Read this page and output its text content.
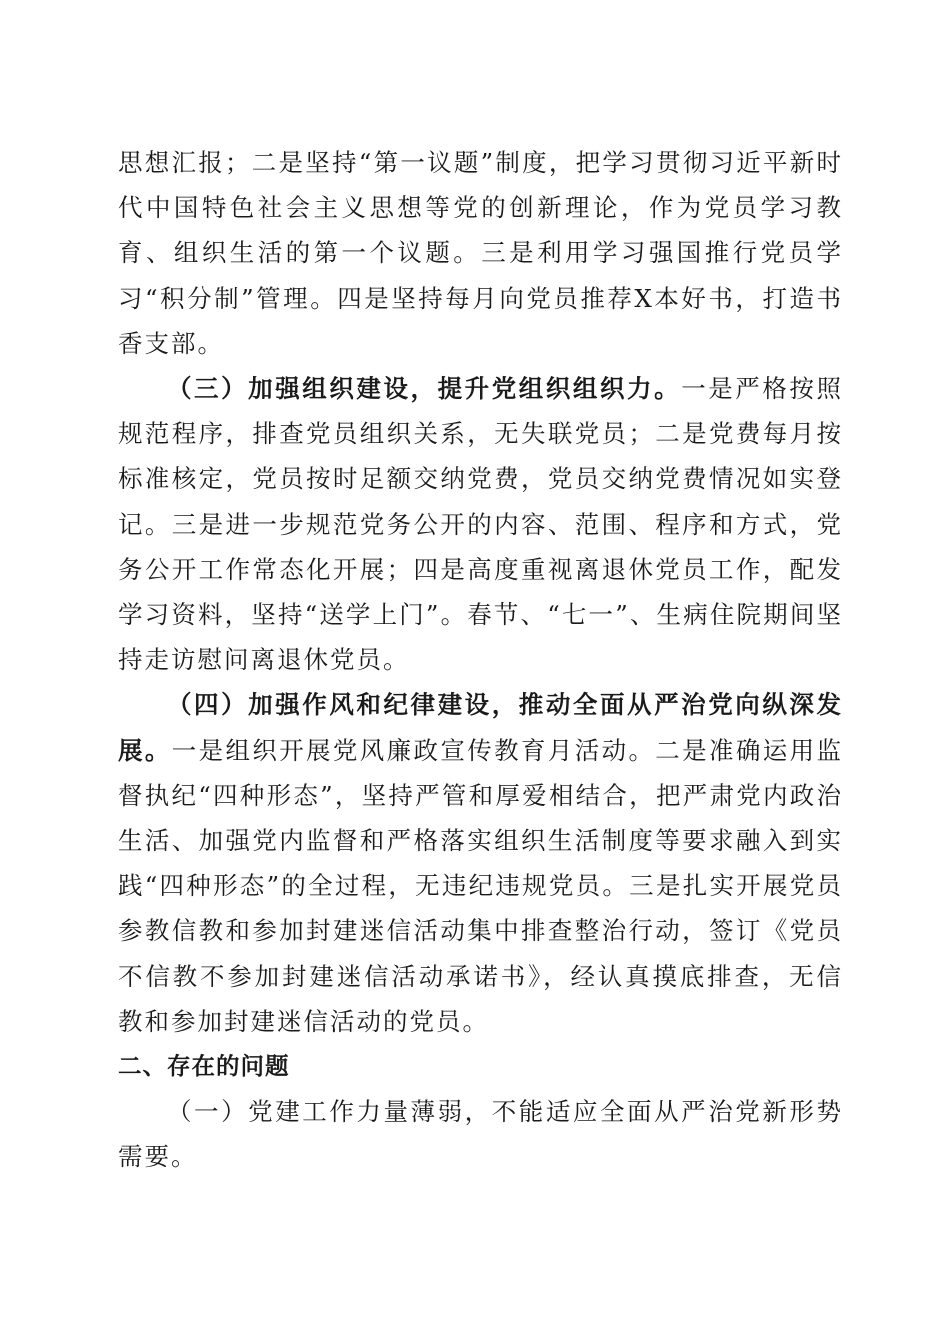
思想汇报；二是坚持“第一议题”制度，把学习贯彻习近平新时代中国特色社会主义思想等党的创新理论，作为党员学习教育、组织生活的第一个议题。三是利用学习强国推行党员学习“积分制”管理。四是坚持每月向党员推荐X本好书，打造书香支部。

（三）加强组织建设，提升党组织组织力。一是严格按照规范程序，排查党员组织关系，无失联党员；二是党费每月按标准核定，党员按时足额交纳党费，党员交纳党费情况如实登记。三是进一步规范党务公开的内容、范围、程序和方式，党务公开工作常态化开展；四是高度重视离退休党员工作，配发学习资料，坚持“送学上门”。春节、“七一”、生病住院期间坚持走访慰问离退休党员。

（四）加强作风和纪律建设，推动全面从严治党向纵深发展。一是组织开展党风廉政宣传教育月活动。二是准确运用监督执纪“四种形态”，坚持严管和厚爱相结合，把严肃党内政治生活、加强党内监督和严格落实组织生活制度等要求融入到实践“四种形态”的全过程，无违纪违规党员。三是扎实开展党员参教信教和参加封建迷信活动集中排查整治行动，签订《党员不信教不参加封建迷信活动承诺书》，经认真摸底排查，无信教和参加封建迷信活动的党员。

二、存在的问题

（一）党建工作力量薄弱，不能适应全面从严治党新形势需要。
